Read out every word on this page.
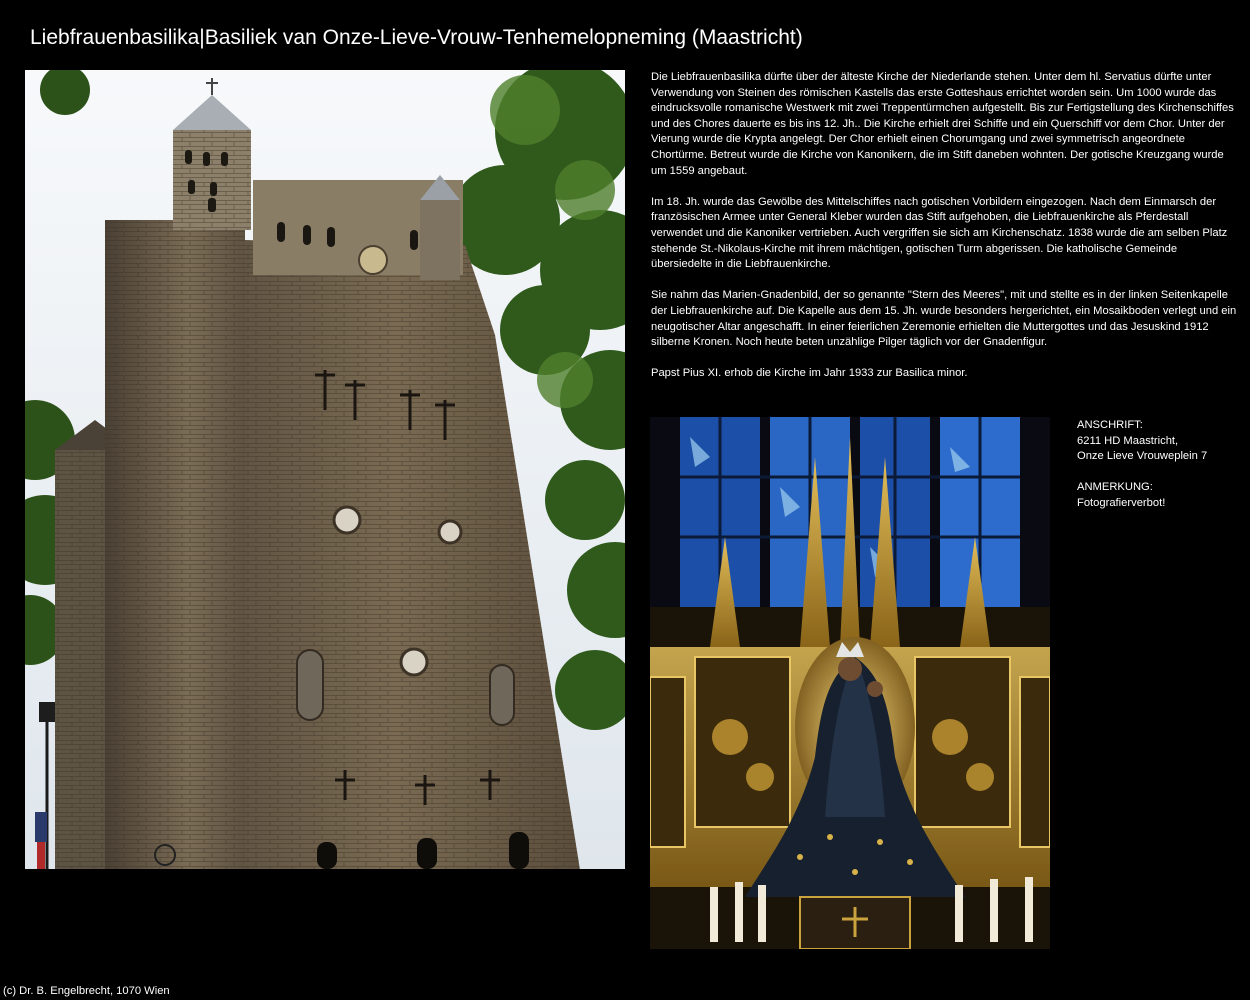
Liebfrauenbasilika|Basiliek van Onze-Lieve-Vrouw-Tenhemelopneming (Maastricht)

Die Liebfrauenbasilika dürfte über der älteste Kirche der Niederlande stehen. Unter dem hl. Servatius dürfte unter Verwendung von Steinen des römischen Kastells das erste Gotteshaus errichtet worden sein. Um 1000 wurde das eindrucksvolle romanische Westwerk mit zwei Treppentürmchen aufgestellt. Bis zur Fertigstellung des Kirchenschiffes und des Chores dauerte es bis ins 12. Jh.. Die Kirche erhielt drei Schiffe und ein Querschiff vor dem Chor. Unter der Vierung wurde die Krypta angelegt. Der Chor erhielt einen Chorumgang und zwei symmetrisch angeordnete Chortürme. Betreut wurde die Kirche von Kanonikern, die im Stift daneben wohnten. Der gotische Kreuzgang wurde um 1559 angebaut.

Im 18. Jh. wurde das Gewölbe des Mittelschiffes nach gotischen Vorbildern eingezogen. Nach dem Einmarsch der französischen Armee unter General Kleber wurden das Stift aufgehoben, die Liebfrauenkirche als Pferdestall verwendet und die Kanoniker vertrieben. Auch vergriffen sie sich am Kirchenschatz. 1838 wurde die am selben Platz stehende St.-Nikolaus-Kirche mit ihrem mächtigen, gotischen Turm abgerissen. Die katholische Gemeinde übersiedelte in die Liebfrauenkirche.

Sie nahm das Marien-Gnadenbild, der so genannte "Stern des Meeres", mit und stellte es in der linken Seitenkapelle der Liebfrauenkirche auf. Die Kapelle aus dem 15. Jh. wurde besonders hergerichtet, ein Mosaikboden verlegt und ein neugotischer Altar angeschafft. In einer feierlichen Zeremonie erhielten die Muttergottes und das Jesuskind 1912 silberne Kronen. Noch heute beten unzählige Pilger täglich vor der Gnadenfigur.

Papst Pius XI. erhob die Kirche im Jahr 1933 zur Basilica minor.

ANSCHRIFT:
6211 HD Maastricht,
Onze Lieve Vrouweplein 7
ANMERKUNG:
Fotografierverbot!
(c) Dr. B. Engelbrecht, 1070 Wien
